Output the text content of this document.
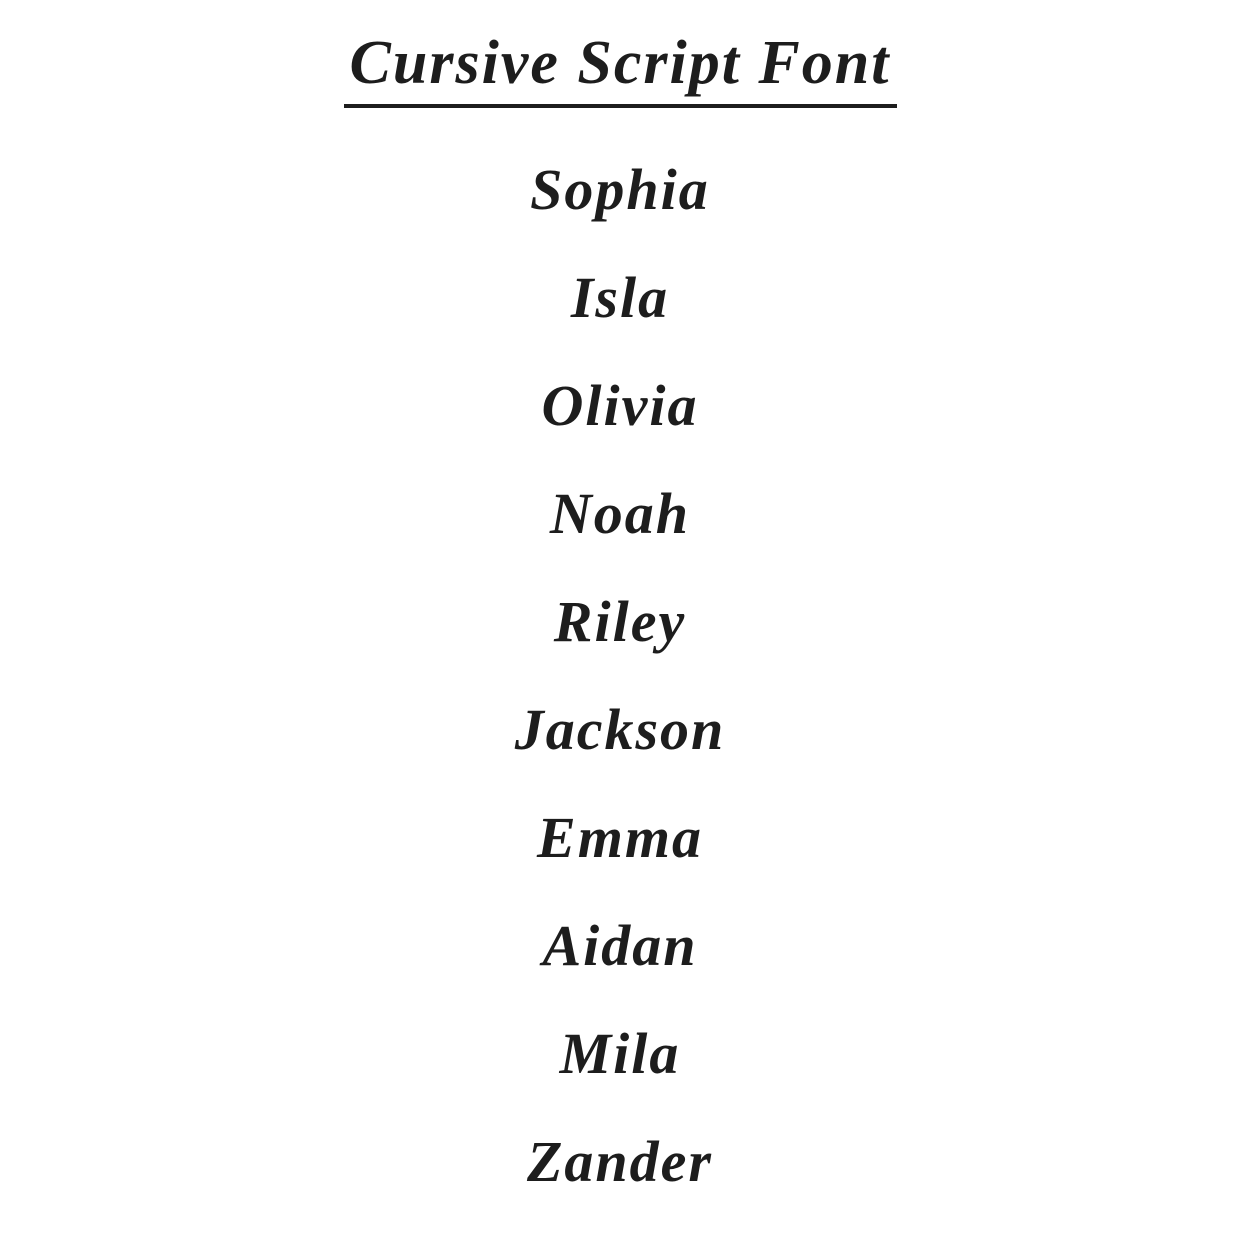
Cursive Script Font
Sophia
Isla
Olivia
Noah
Riley
Jackson
Emma
Aidan
Mila
Zander
